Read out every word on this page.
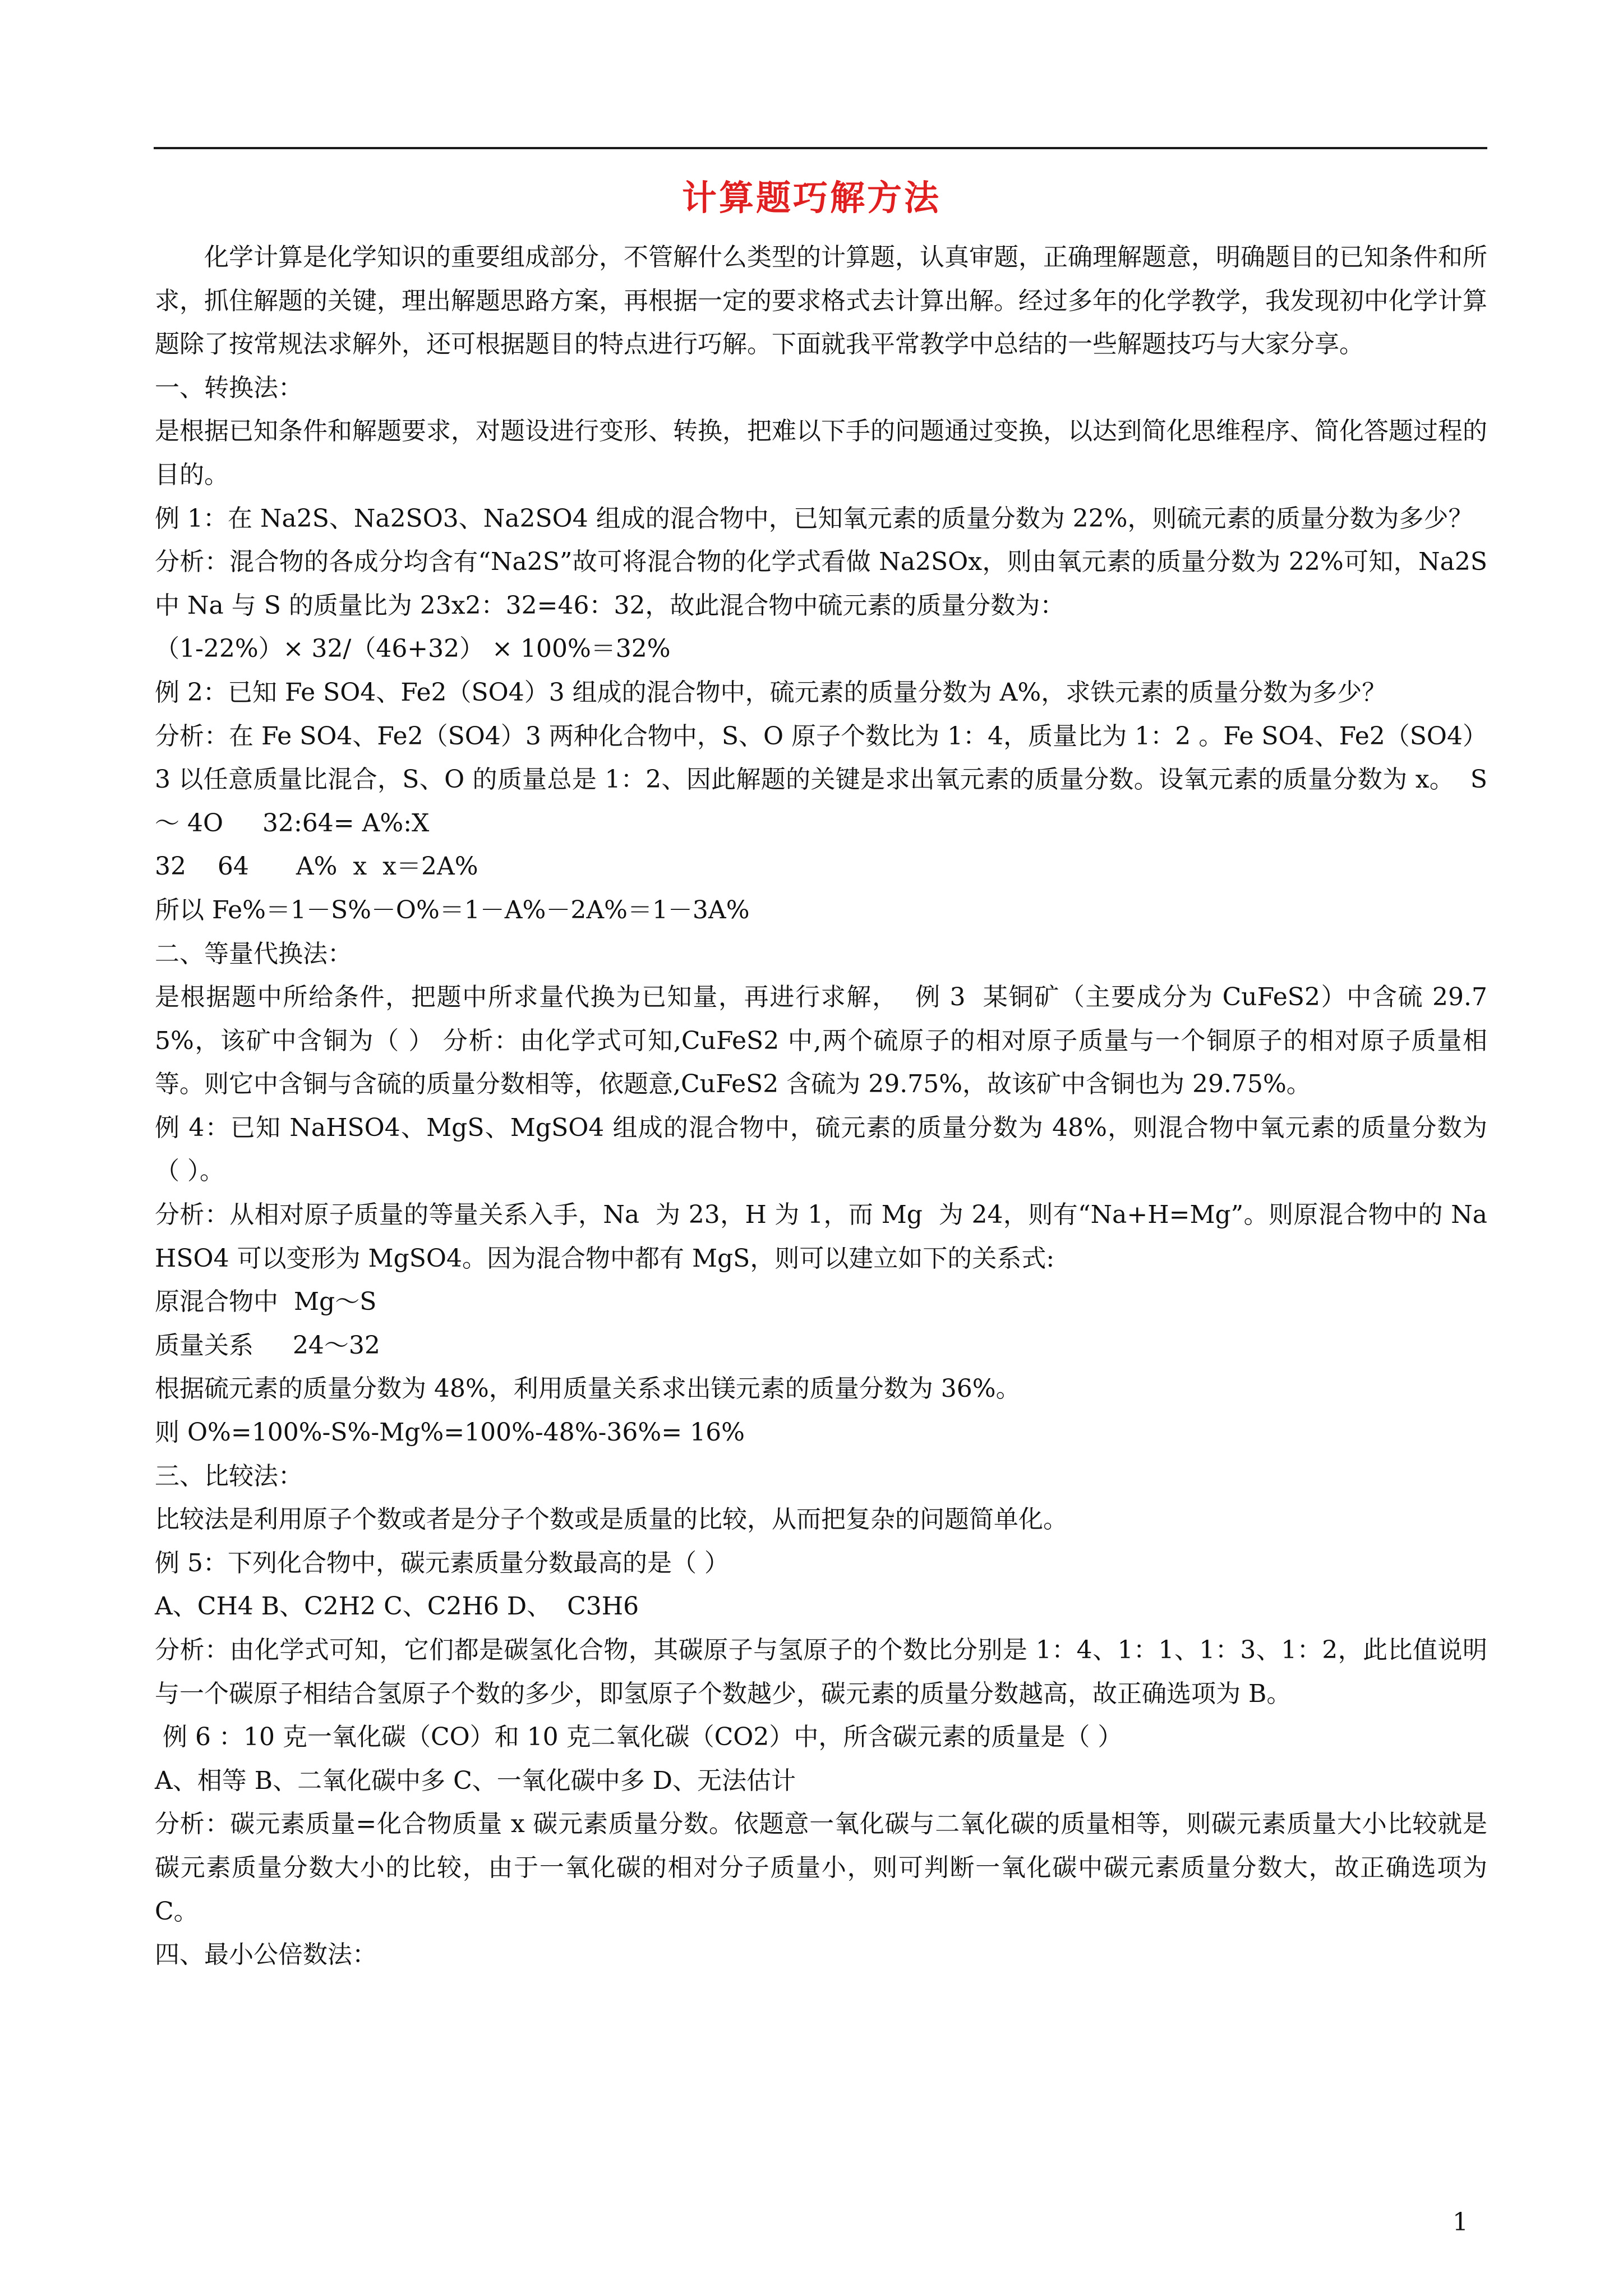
计算题巧解方法

化学计算是化学知识的重要组成部分，不管解什么类型的计算题，认真审题，正确理解题意，明确题目的已知条件和所求，抓住解题的关键，理出解题思路方案，再根据一定的要求格式去计算出解。经过多年的化学教学，我发现初中化学计算题除了按常规法求解外，还可根据题目的特点进行巧解。下面就我平常教学中总结的一些解题技巧与大家分享。

一、转换法：

是根据已知条件和解题要求，对题设进行变形、转换，把难以下手的问题通过变换，以达到简化思维程序、简化答题过程的目的。

例 1：在 Na2S、Na2SO3、Na2SO4 组成的混合物中，已知氧元素的质量分数为 22%，则硫元素的质量分数为多少？

分析：混合物的各成分均含有“Na2S”故可将混合物的化学式看做 Na2SOx，则由氧元素的质量分数为 22%可知，Na2S 中 Na 与 S 的质量比为 23x2：32=46：32，故此混合物中硫元素的质量分数为：

（1-22%）× 32/（46+32） × 100%＝32%

例 2：已知 Fe SO4、Fe2（SO4）3 组成的混合物中，硫元素的质量分数为 A%，求铁元素的质量分数为多少？

分析：在 Fe SO4、Fe2（SO4）3 两种化合物中，S、O 原子个数比为 1：4，质量比为 1：2 。Fe SO4、Fe2（SO4）3 以任意质量比混合，S、O 的质量总是 1：2、因此解题的关键是求出氧元素的质量分数。设氧元素的质量分数为 x。  S ～ 4O     32:64= A%:X

32    64      A%  x  x＝2A%

所以 Fe%＝1－S%－O%＝1－A%－2A%＝1－3A%

二、等量代换法：

是根据题中所给条件，把题中所求量代换为已知量，再进行求解，  例 3  某铜矿（主要成分为 CuFeS2）中含硫 29.75%，该矿中含铜为（ ） 分析：由化学式可知,CuFeS2 中,两个硫原子的相对原子质量与一个铜原子的相对原子质量相等。则它中含铜与含硫的质量分数相等，依题意,CuFeS2 含硫为 29.75%，故该矿中含铜也为 29.75%。

例 4：已知 NaHSO4、MgS、MgSO4 组成的混合物中，硫元素的质量分数为 48%，则混合物中氧元素的质量分数为  （ ）。

分析：从相对原子质量的等量关系入手，Na  为 23，H 为 1，而 Mg  为 24，则有“Na+H=Mg”。则原混合物中的 NaHSO4 可以变形为 MgSO4。因为混合物中都有 MgS，则可以建立如下的关系式:

原混合物中  Mg～S

质量关系     24～32

根据硫元素的质量分数为 48%，利用质量关系求出镁元素的质量分数为 36%。

则 O%=100%-S%-Mg%=100%-48%-36%= 16%

三、比较法：

比较法是利用原子个数或者是分子个数或是质量的比较，从而把复杂的问题简单化。

例 5：下列化合物中，碳元素质量分数最高的是（ ）

A、CH4 B、C2H2 C、C2H6 D、  C3H6

分析：由化学式可知，它们都是碳氢化合物，其碳原子与氢原子的个数比分别是 1：4、1：1、1：3、1：2，此比值说明与一个碳原子相结合氢原子个数的多少，即氢原子个数越少，碳元素的质量分数越高，故正确选项为 B。

例 6 ：10 克一氧化碳（CO）和 10 克二氧化碳（CO2）中，所含碳元素的质量是（ ）

A、相等 B、二氧化碳中多 C、一氧化碳中多 D、无法估计

分析：碳元素质量=化合物质量 x 碳元素质量分数。依题意一氧化碳与二氧化碳的质量相等，则碳元素质量大小比较就是碳元素质量分数大小的比较，由于一氧化碳的相对分子质量小，则可判断一氧化碳中碳元素质量分数大，故正确选项为 C。

四、最小公倍数法：

1
